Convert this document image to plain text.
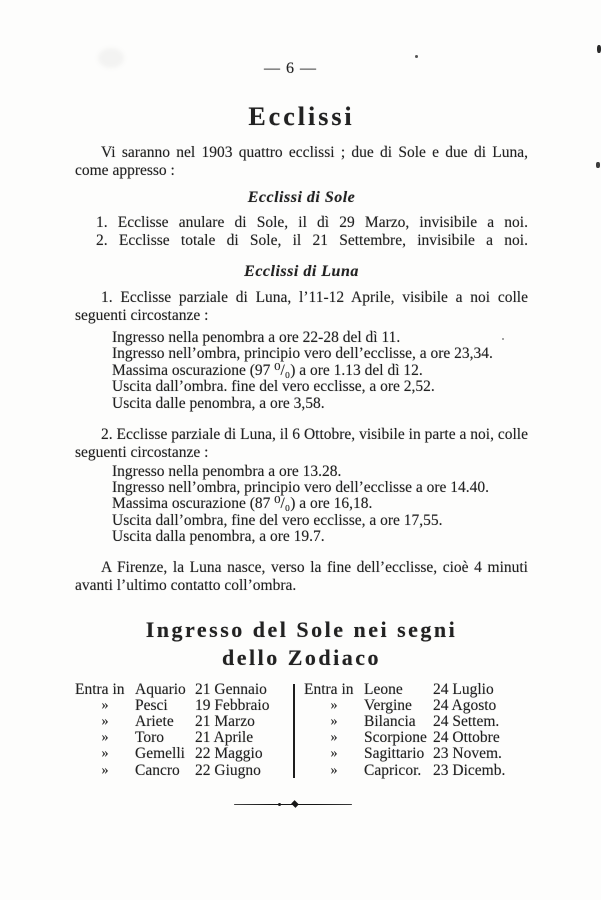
— 6 —
Ecclissi

Vi saranno nel 1903 quattro ecclissi ; due di Sole e due di Luna, come appresso :

Ecclissi di Sole

1. Ecclisse anulare di Sole, il dì 29 Marzo, invisibile a noi.

2. Ecclisse totale di Sole, il 21 Settembre, invisibile a noi.

Ecclissi di Luna

1. Ecclisse parziale di Luna, l’11-12 Aprile, visibile a noi colle seguenti circostanze :

Ingresso nella penombra a ore 22-28 del dì 11.

Ingresso nell’ombra, principio vero dell’ecclisse, a ore 23,34.

Massima oscurazione (97 ⁰/₀) a ore 1.13 del dì 12.

Uscita dall’ombra. fine del vero ecclisse, a ore 2,52.

Uscita dalle penombra, a ore 3,58.

2. Ecclisse parziale di Luna, il 6 Ottobre, visibile in parte a noi, colle seguenti circostanze :

Ingresso nella penombra a ore 13.28.

Ingresso nell’ombra, principio vero dell’ecclisse a ore 14.40.

Massima oscurazione (87 ⁰/₀) a ore 16,18.

Uscita dall’ombra, fine del vero ecclisse, a ore 17,55.

Uscita dalla penombra, a ore 19.7.

A Firenze, la Luna nasce, verso la fine dell’ecclisse, cioè 4 minuti avanti l’ultimo contatto coll’ombra.

Ingresso del Sole nei segni
dello Zodiaco
Entra in Aquario 21 Gennaio
»	Pesci	19 Febbraio
»	Ariete	21 Marzo
»	Toro	21 Aprile
»	Gemelli 22 Maggio
»	Cancro 22 Giugno
Entra in Leone	24 Luglio
»	Vergine	24 Agosto
»	Bilancia	24 Settem.
»	Scorpione 24 Ottobre
»	Sagittario 23 Novem.
»	Capricor. 23 Dicemb.
